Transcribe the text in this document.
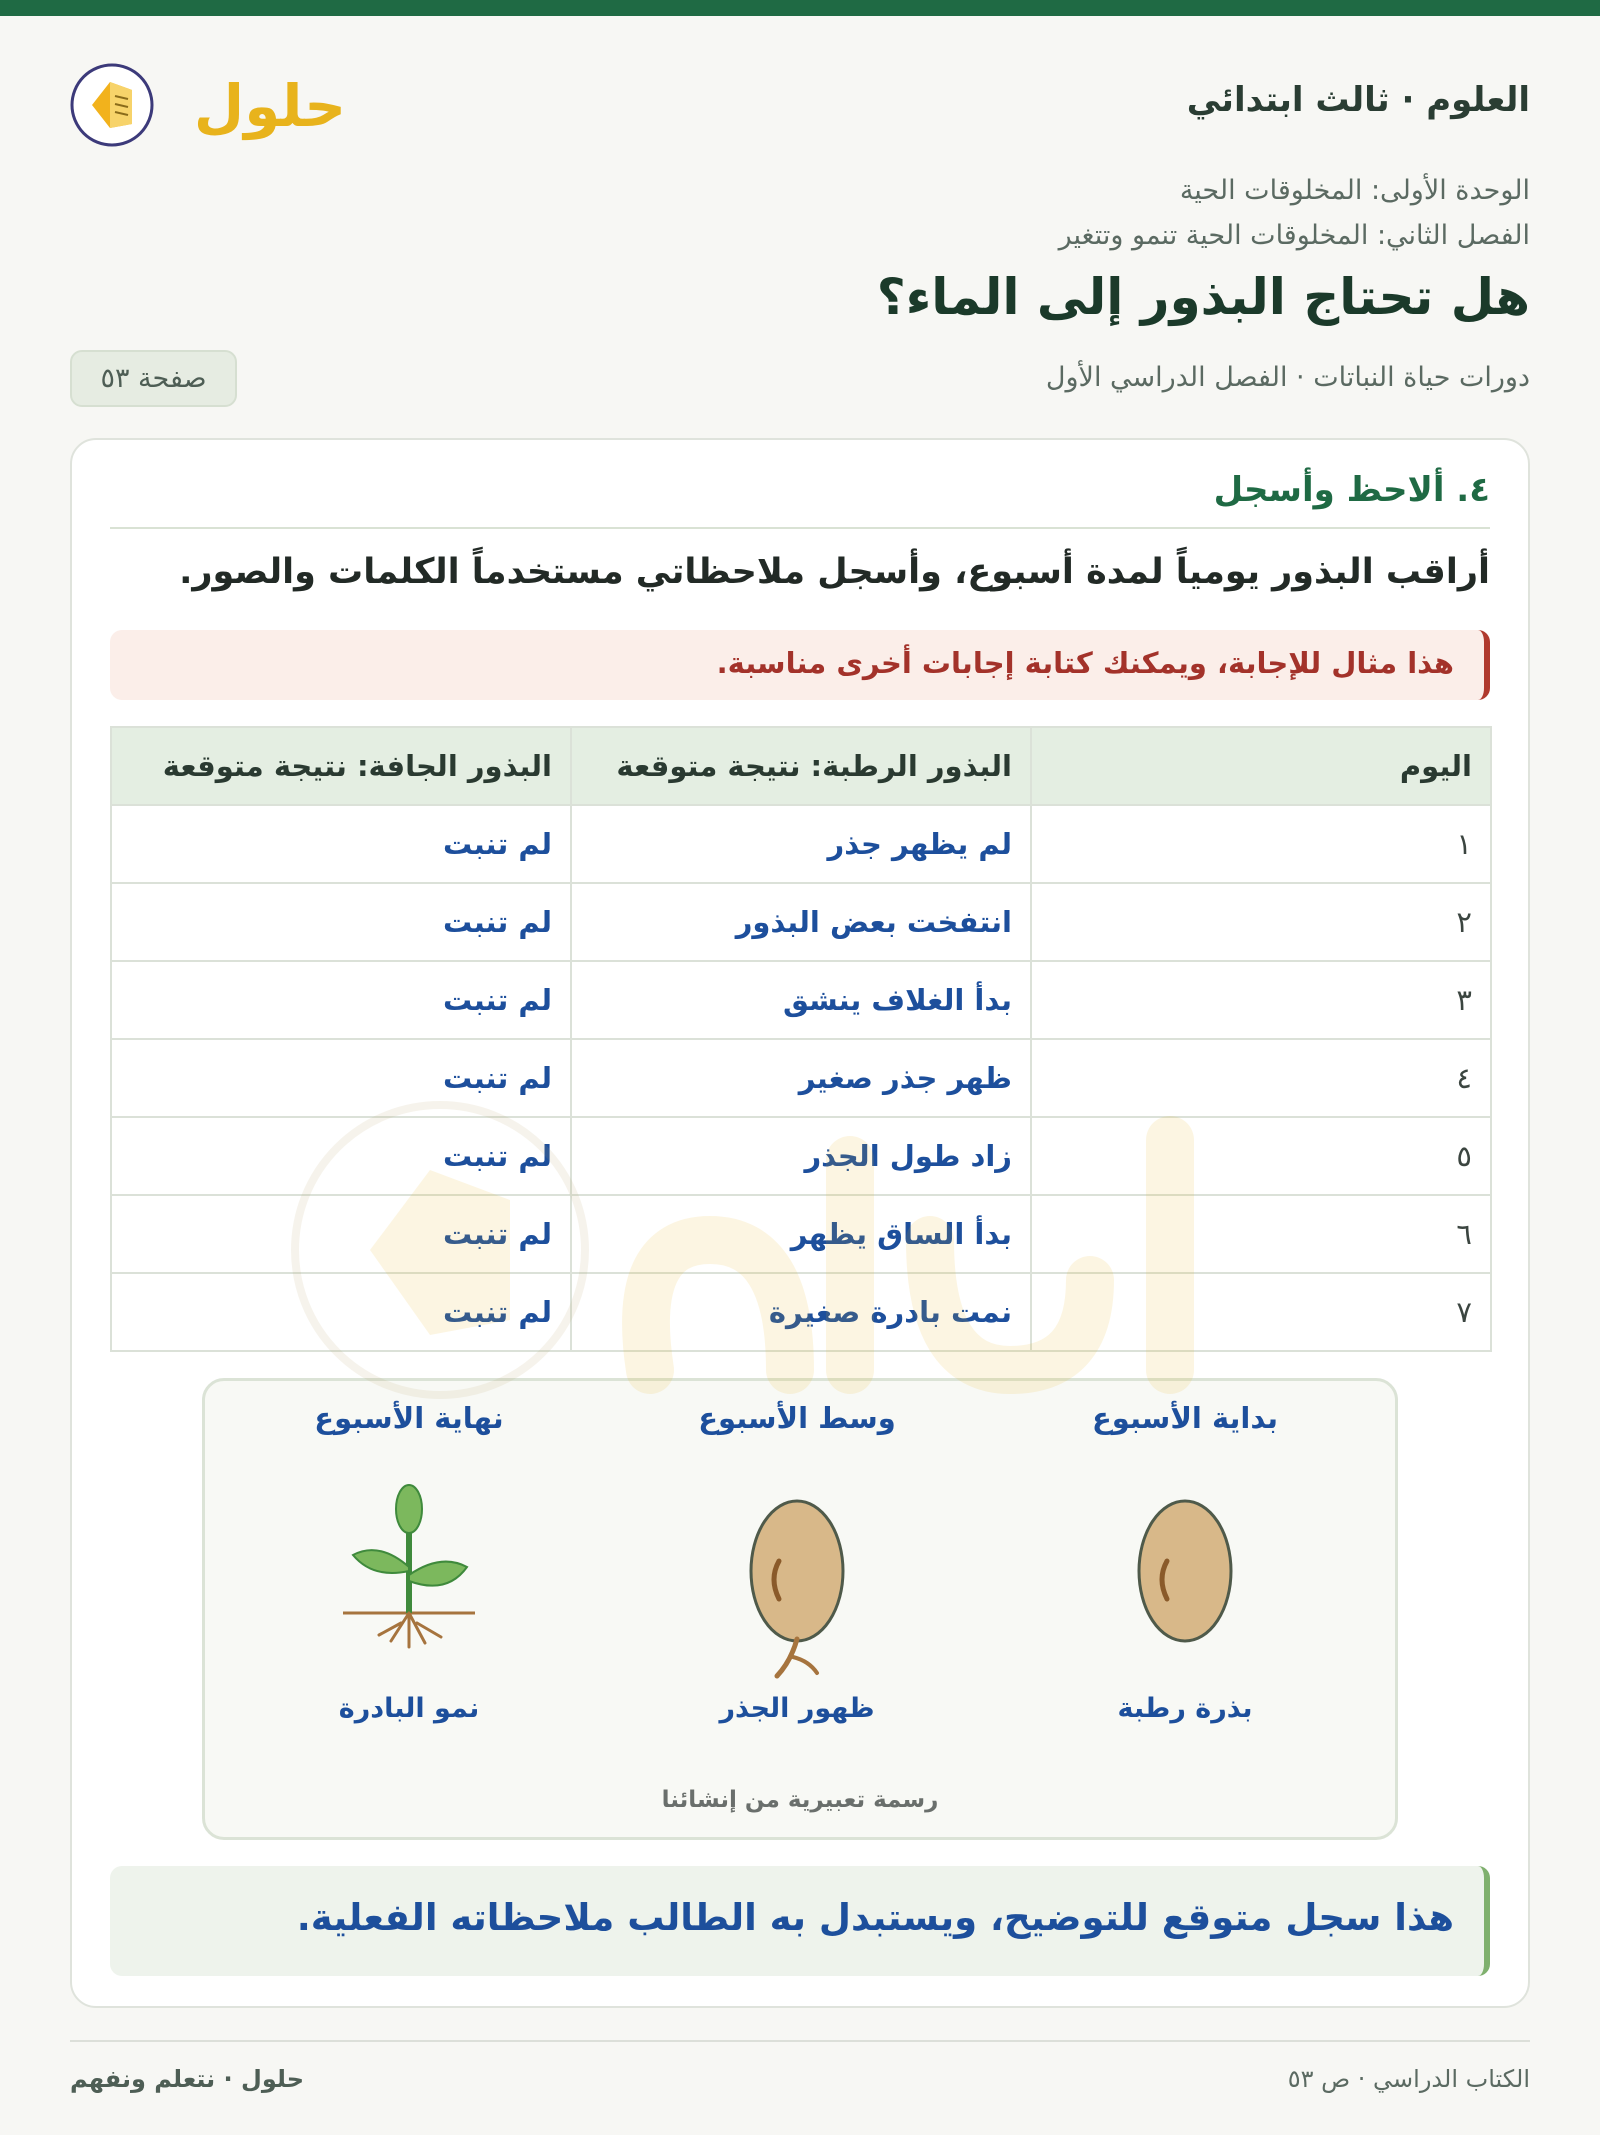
العلوم · ثالث ابتدائي
حلول
الوحدة الأولى: المخلوقات الحية
الفصل الثاني: المخلوقات الحية تنمو وتتغير
هل تحتاج البذور إلى الماء؟
دورات حياة النباتات · الفصل الدراسي الأول
صفحة ٥٣
٤. ألاحظ وأسجل
أراقب البذور يومياً لمدة أسبوع، وأسجل ملاحظاتي مستخدماً الكلمات والصور.
هذا مثال للإجابة، ويمكنك كتابة إجابات أخرى مناسبة.
اليوم	البذور الرطبة: نتيجة متوقعة	البذور الجافة: نتيجة متوقعة
١	لم يظهر جذر	لم تنبت
٢	انتفخت بعض البذور	لم تنبت
٣	بدأ الغلاف ينشق	لم تنبت
٤	ظهر جذر صغير	لم تنبت
٥	زاد طول الجذر	لم تنبت
٦	بدأ الساق يظهر	لم تنبت
٧	نمت بادرة صغيرة	لم تنبت
بداية الأسبوع
بذرة رطبة
وسط الأسبوع
ظهور الجذر
نهاية الأسبوع
نمو البادرة
رسمة تعبيرية من إنشائنا
هذا سجل متوقع للتوضيح، ويستبدل به الطالب ملاحظاته الفعلية.
الكتاب الدراسي · ص ٥٣
حلول · نتعلم ونفهم
